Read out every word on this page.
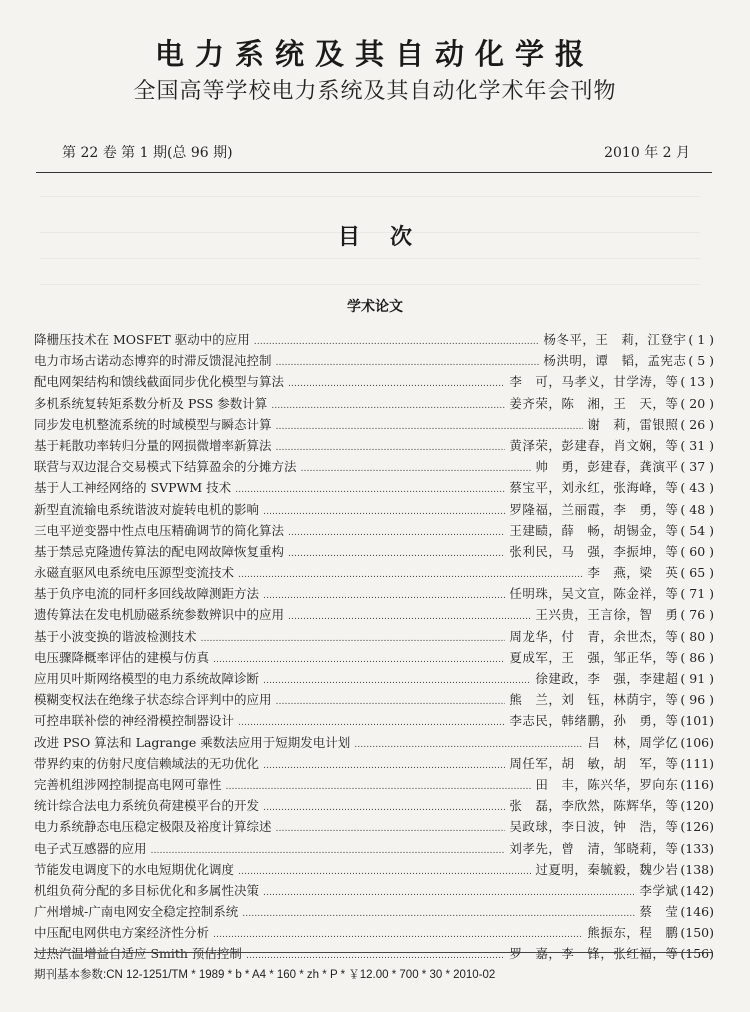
电力系统及其自动化学报
全国高等学校电力系统及其自动化学术年会刊物
第 22 卷 第 1 期(总 96 期)	2010 年 2 月
目次
学术论文
降栅压技术在 MOSFET 驱动中的应用 ………………………………………………………………………………………………………………………………………………………………………………………………………………	杨冬平，王　莉，江登宇 ( 1 )
电力市场古诺动态博弈的时滞反馈混沌控制 ………………………………………………………………………………………………………………………………………………………………………………………………………………	杨洪明，谭　韬，孟宪志 ( 5 )
配电网架结构和馈线截面同步优化模型与算法 ………………………………………………………………………………………………………………………………………………………………………………………………………………	李　可，马孝义，甘学涛，等 ( 13 )
多机系统复转矩系数分析及 PSS 参数计算 ………………………………………………………………………………………………………………………………………………………………………………………………………………	姜齐荣，陈　湘，王　天，等 ( 20 )
同步发电机整流系统的时域模型与瞬态计算 ………………………………………………………………………………………………………………………………………………………………………………………………………………	谢　莉，雷银照 ( 26 )
基于耗散功率转归分量的网损微增率新算法 ………………………………………………………………………………………………………………………………………………………………………………………………………………	黄泽荣，彭建春，肖文娴，等 ( 31 )
联营与双边混合交易模式下结算盈余的分摊方法 ………………………………………………………………………………………………………………………………………………………………………………………………………………	帅　勇，彭建春，龚演平 ( 37 )
基于人工神经网络的 SVPWM 技术 ………………………………………………………………………………………………………………………………………………………………………………………………………………	蔡宝平，刘永红，张海峰，等 ( 43 )
新型直流输电系统谐波对旋转电机的影响 ………………………………………………………………………………………………………………………………………………………………………………………………………………	罗隆福，兰丽霞，李　勇，等 ( 48 )
三电平逆变器中性点电压精确调节的简化算法 ………………………………………………………………………………………………………………………………………………………………………………………………………………	王建赜，薛　畅，胡锡金，等 ( 54 )
基于禁忌克隆遗传算法的配电网故障恢复重构 ………………………………………………………………………………………………………………………………………………………………………………………………………………	张利民，马　强，李振坤，等 ( 60 )
永磁直驱风电系统电压源型变流技术 ………………………………………………………………………………………………………………………………………………………………………………………………………………	李　燕，梁　英 ( 65 )
基于负序电流的同杆多回线故障测距方法 ………………………………………………………………………………………………………………………………………………………………………………………………………………	任明珠，吴文宣，陈金祥，等 ( 71 )
遗传算法在发电机励磁系统参数辨识中的应用 ………………………………………………………………………………………………………………………………………………………………………………………………………………	王兴贵，王言徐，智　勇 ( 76 )
基于小波变换的谐波检测技术 ………………………………………………………………………………………………………………………………………………………………………………………………………………	周龙华，付　青，余世杰，等 ( 80 )
电压骤降概率评估的建模与仿真 ………………………………………………………………………………………………………………………………………………………………………………………………………………	夏成军，王　强，邹正华，等 ( 86 )
应用贝叶斯网络模型的电力系统故障诊断 ………………………………………………………………………………………………………………………………………………………………………………………………………………	徐建政，李　强，李建超 ( 91 )
模糊变权法在绝缘子状态综合评判中的应用 ………………………………………………………………………………………………………………………………………………………………………………………………………………	熊　兰，刘　钰，林荫宇，等 ( 96 )
可控串联补偿的神经滑模控制器设计 ………………………………………………………………………………………………………………………………………………………………………………………………………………	李志民，韩绪鹏，孙　勇，等 (101)
改进 PSO 算法和 Lagrange 乘数法应用于短期发电计划 ………………………………………………………………………………………………………………………………………………………………………………………………………………	吕　林，周学亿 (106)
带界约束的仿射尺度信赖域法的无功优化 ………………………………………………………………………………………………………………………………………………………………………………………………………………	周任军，胡　敏，胡　军，等 (111)
完善机组涉网控制提高电网可靠性 ………………………………………………………………………………………………………………………………………………………………………………………………………………	田　丰，陈兴华，罗向东 (116)
统计综合法电力系统负荷建模平台的开发 ………………………………………………………………………………………………………………………………………………………………………………………………………………	张　磊，李欣然，陈辉华，等 (120)
电力系统静态电压稳定极限及裕度计算综述 ………………………………………………………………………………………………………………………………………………………………………………………………………………	吴政球，李日波，钟　浩，等 (126)
电子式互感器的应用 ………………………………………………………………………………………………………………………………………………………………………………………………………………	刘孝先，曾　清，邹晓莉，等 (133)
节能发电调度下的水电短期优化调度 ………………………………………………………………………………………………………………………………………………………………………………………………………………	过夏明，秦毓毅，魏少岩 (138)
机组负荷分配的多目标优化和多属性决策 ………………………………………………………………………………………………………………………………………………………………………………………………………………	李学斌 (142)
广州增城-广南电网安全稳定控制系统 ………………………………………………………………………………………………………………………………………………………………………………………………………………	蔡　莹 (146)
中压配电网供电方案经济性分析 ………………………………………………………………………………………………………………………………………………………………………………………………………………	熊振东，程　鹏 (150)
过热汽温增益自适应 Smith 预估控制 ………………………………………………………………………………………………………………………………………………………………………………………………………………	罗　嘉，李　锋，张红福，等 (156)
期刊基本参数:CN 12-1251/TM * 1989 * b * A4 * 160 * zh * P * ￥12.00 * 700 * 30 * 2010-02
